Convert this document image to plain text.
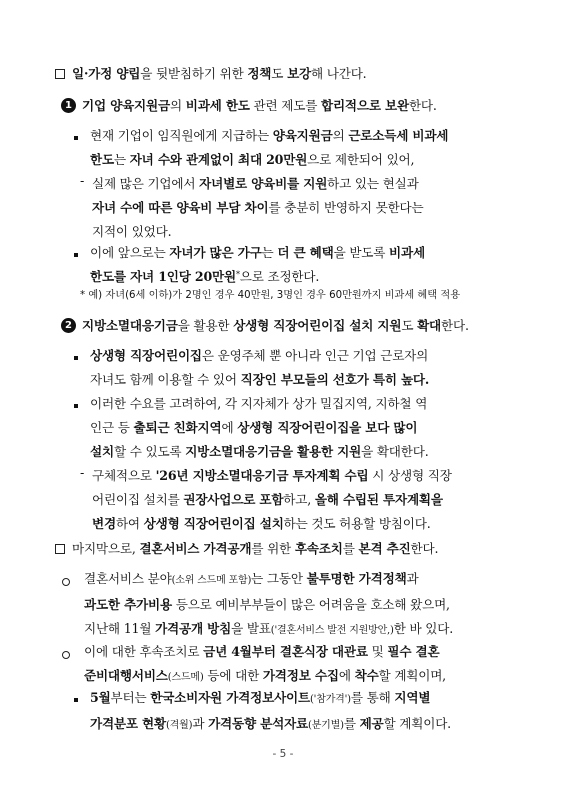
일·가정 양립을 뒷받침하기 위한 정책도 보강해 나간다.
1 기업 양육지원금의 비과세 한도 관련 제도를 합리적으로 보완한다.
현재 기업이 임직원에게 지급하는 양육지원금의 근로소득세 비과세
한도는 자녀 수와 관계없이 최대 20만원으로 제한되어 있어,
- 실제 많은 기업에서 자녀별로 양육비를 지원하고 있는 현실과
자녀 수에 따른 양육비 부담 차이를 충분히 반영하지 못한다는
지적이 있었다.
이에 앞으로는 자녀가 많은 가구는 더 큰 혜택을 받도록 비과세
한도를 자녀 1인당 20만원*으로 조정한다.
* 예) 자녀(6세 이하)가 2명인 경우 40만원, 3명인 경우 60만원까지 비과세 혜택 적용
2 지방소멸대응기금을 활용한 상생형 직장어린이집 설치 지원도 확대한다.
상생형 직장어린이집은 운영주체 뿐 아니라 인근 기업 근로자의
자녀도 함께 이용할 수 있어 직장인 부모들의 선호가 특히 높다.
이러한 수요를 고려하여, 각 지자체가 상가 밀집지역, 지하철 역
인근 등 출퇴근 친화지역에 상생형 직장어린이집을 보다 많이
설치할 수 있도록 지방소멸대응기금을 활용한 지원을 확대한다.
- 구체적으로 '26년 지방소멸대응기금 투자계획 수립 시 상생형 직장
어린이집 설치를 권장사업으로 포함하고, 올해 수립된 투자계획을
변경하여 상생형 직장어린이집 설치하는 것도 허용할 방침이다.
마지막으로, 결혼서비스 가격공개를 위한 후속조치를 본격 추진한다.
결혼서비스 분야(소위 스드메 포함)는 그동안 불투명한 가격정책과
과도한 추가비용 등으로 예비부부들이 많은 어려움을 호소해 왔으며,
지난해 11월 가격공개 방침을 발표('결혼서비스 발전 지원방안,)한 바 있다.
이에 대한 후속조치로 금년 4월부터 결혼식장 대관료 및 필수 결혼
준비대행서비스(스드메) 등에 대한 가격정보 수집에 착수할 계획이며,
5월부터는 한국소비자원 가격정보사이트('참가격')를 통해 지역별
가격분포 현황(격월)과 가격동향 분석자료(분기별)를 제공할 계획이다.
- 5 -
